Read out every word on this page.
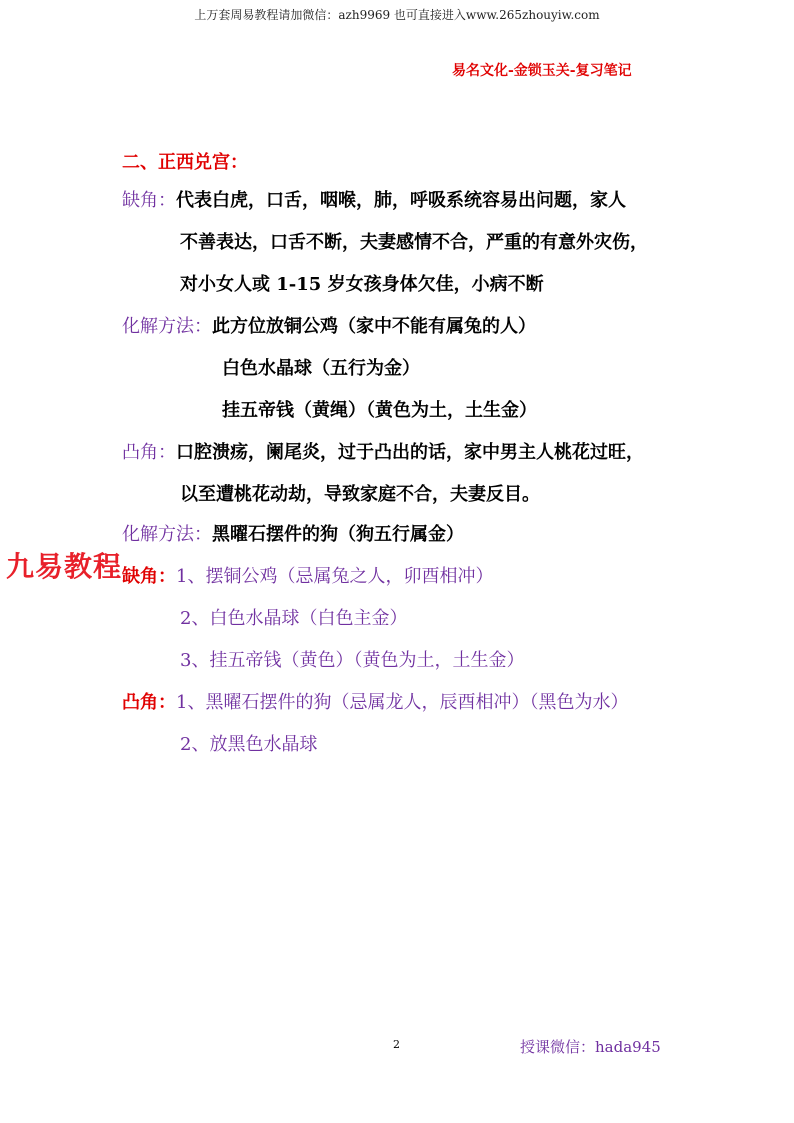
上万套周易教程请加微信：azh9969 也可直接进入www.265zhouyiw.com
易名文化-金锁玉关-复习笔记
二、正西兑宫：
缺角：代表白虎，口舌，咽喉，肺，呼吸系统容易出问题，家人
不善表达，口舌不断，夫妻感情不合，严重的有意外灾伤，
对小女人或 1-15 岁女孩身体欠佳，小病不断
化解方法：此方位放铜公鸡（家中不能有属兔的人）
白色水晶球（五行为金）
挂五帝钱（黄绳）（黄色为土，土生金）
凸角：口腔溃疡，阑尾炎，过于凸出的话，家中男主人桃花过旺，
以至遭桃花动劫，导致家庭不合，夫妻反目。
化解方法：黑曜石摆件的狗（狗五行属金）
缺角：1、摆铜公鸡（忌属兔之人，卯酉相冲）
2、白色水晶球（白色主金）
3、挂五帝钱（黄色）（黄色为土，土生金）
凸角：1、黑曜石摆件的狗（忌属龙人，辰酉相冲）（黑色为水）
2、放黑色水晶球
九易教程
2	授课微信：hada945
